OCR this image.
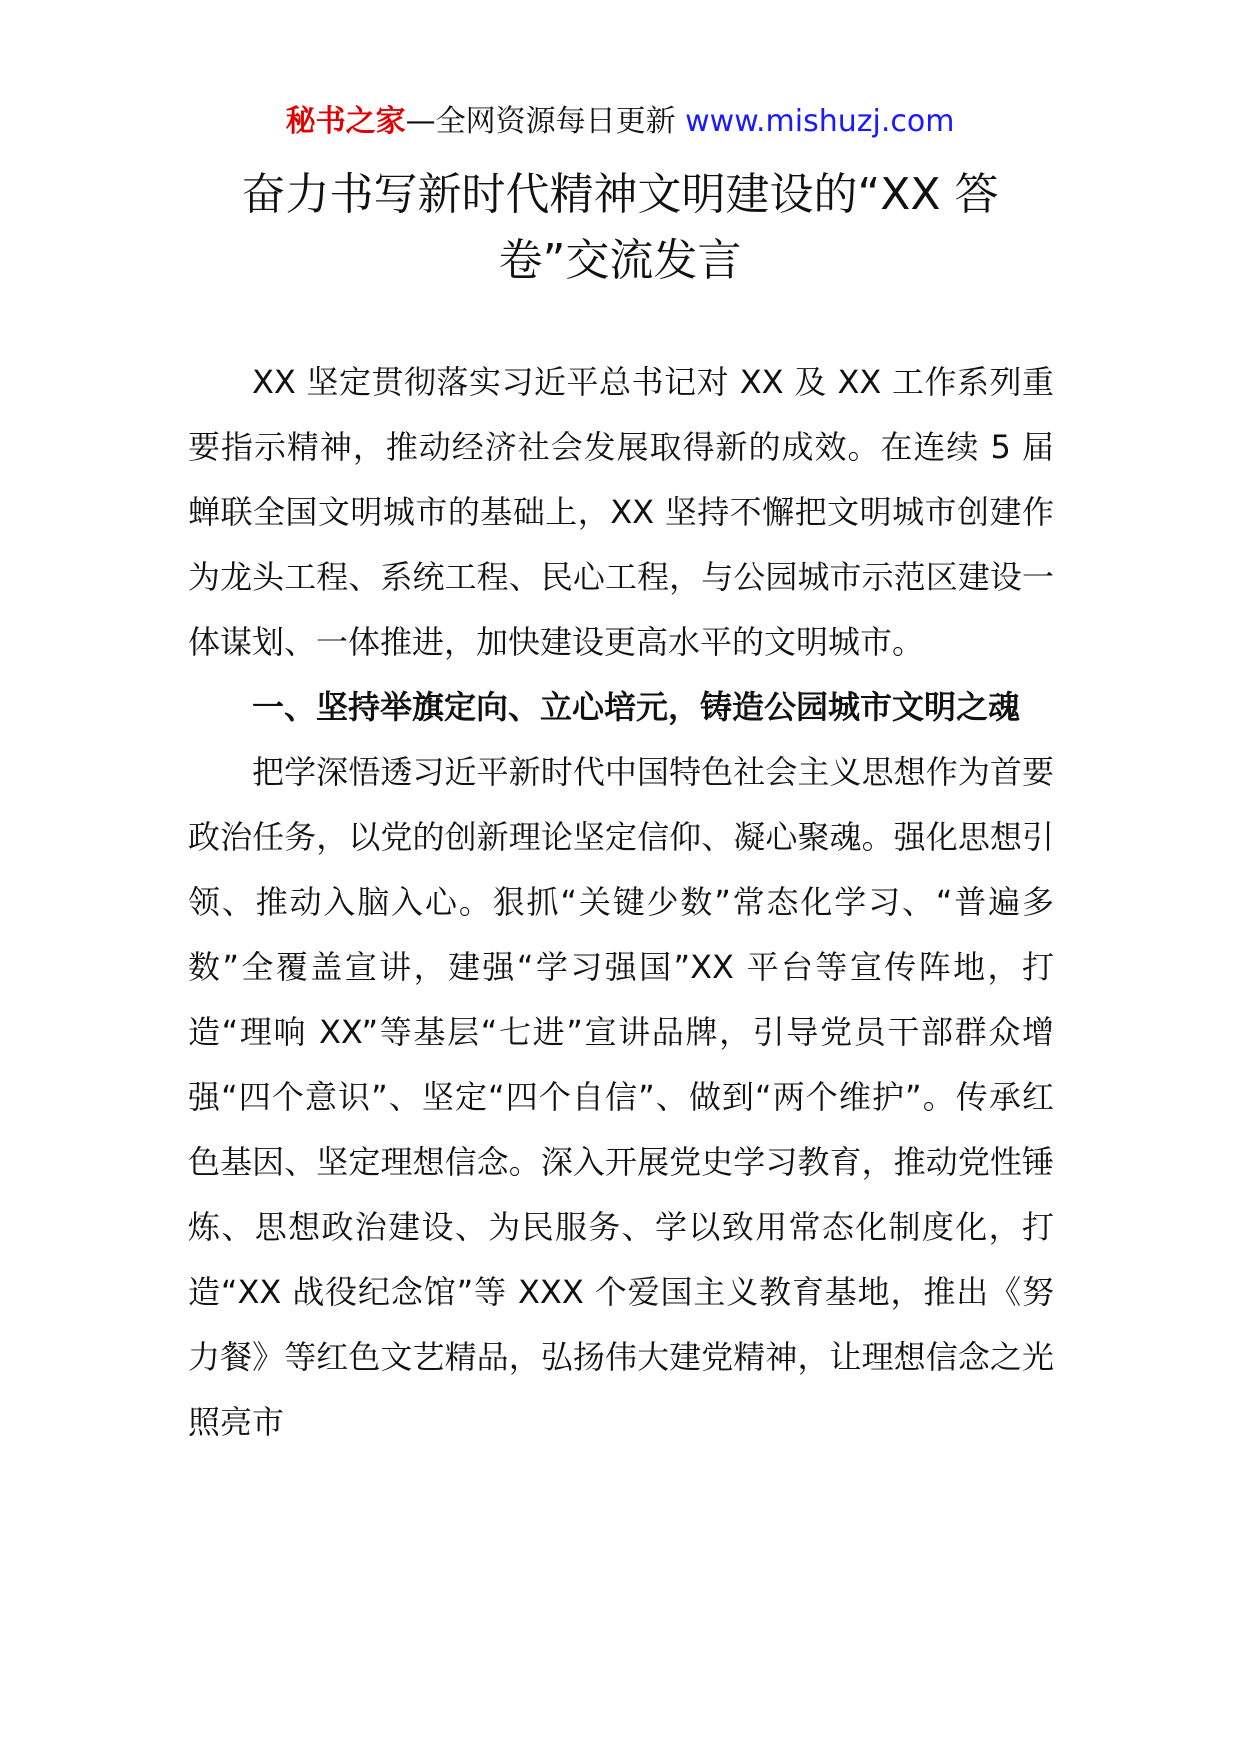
秘书之家—全网资源每日更新 www.mishuzj.com
奋力书写新时代精神文明建设的“XX 答卷”交流发言

XX 坚定贯彻落实习近平总书记对 XX 及 XX 工作系列重要指示精神，推动经济社会发展取得新的成效。在连续 5 届蝉联全国文明城市的基础上，XX 坚持不懈把文明城市创建作为龙头工程、系统工程、民心工程，与公园城市示范区建设一体谋划、一体推进，加快建设更高水平的文明城市。

一、坚持举旗定向、立心培元，铸造公园城市文明之魂

把学深悟透习近平新时代中国特色社会主义思想作为首要政治任务，以党的创新理论坚定信仰、凝心聚魂。强化思想引领、推动入脑入心。狠抓“关键少数”常态化学习、“普遍多数”全覆盖宣讲，建强“学习强国”XX 平台等宣传阵地，打造“理响 XX”等基层“七进”宣讲品牌，引导党员干部群众增强“四个意识”、坚定“四个自信”、做到“两个维护”。传承红色基因、坚定理想信念。深入开展党史学习教育，推动党性锤炼、思想政治建设、为民服务、学以致用常态化制度化，打造“XX 战役纪念馆”等 XXX 个爱国主义教育基地，推出《努力餐》等红色文艺精品，弘扬伟大建党精神，让理想信念之光照亮市
